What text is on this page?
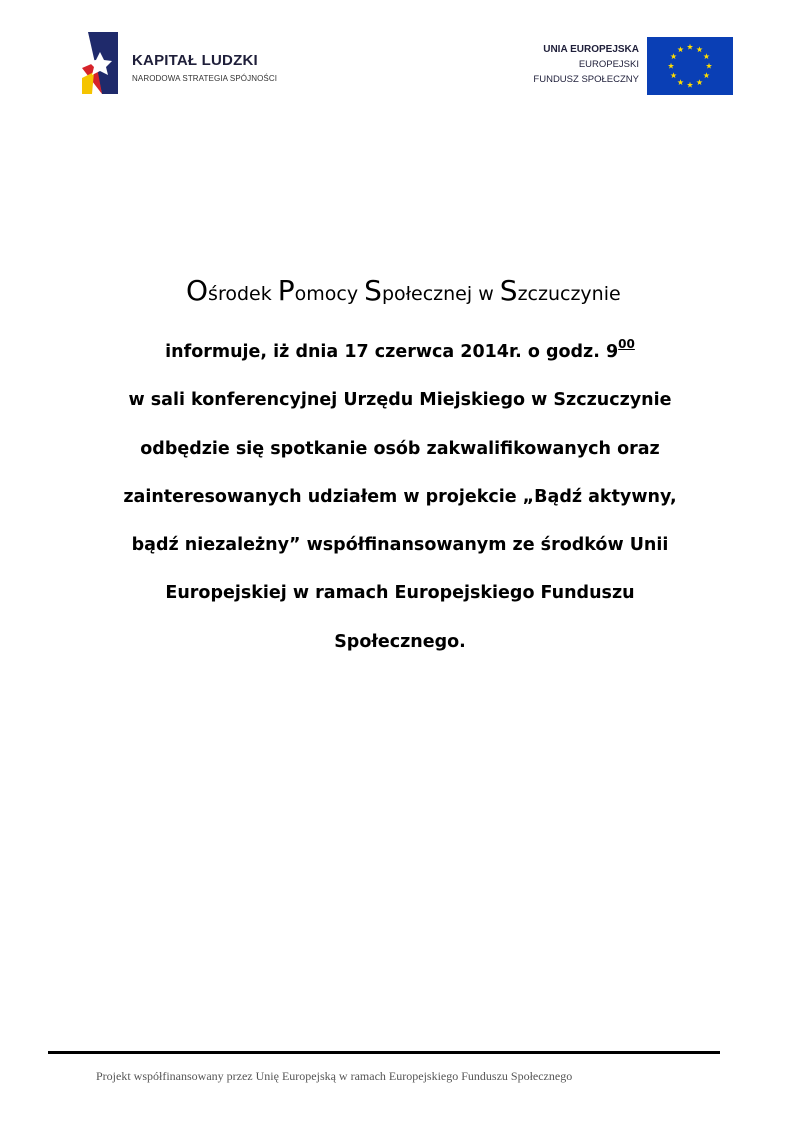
KAPITAŁ LUDZKI
NARODOWA STRATEGIA SPÓJNOŚCI
UNIA EUROPEJSKA
EUROPEJSKI
FUNDUSZ SPOŁECZNY
Ośrodek Pomocy Społecznej w Szczuczynie
informuje, iż dnia 17 czerwca 2014r. o godz. $9^{00}$
w sali konferencyjnej Urzędu Miejskiego w Szczuczynie
odbędzie się spotkanie osób zakwalifikowanych oraz
zainteresowanych udziałem w projekcie „Bądź aktywny,
bądź niezależny” współfinansowanym ze środków Unii
Europejskiej w ramach Europejskiego Funduszu
Społecznego.
Projekt współfinansowany przez Unię Europejską w ramach Europejskiego Funduszu Społecznego
